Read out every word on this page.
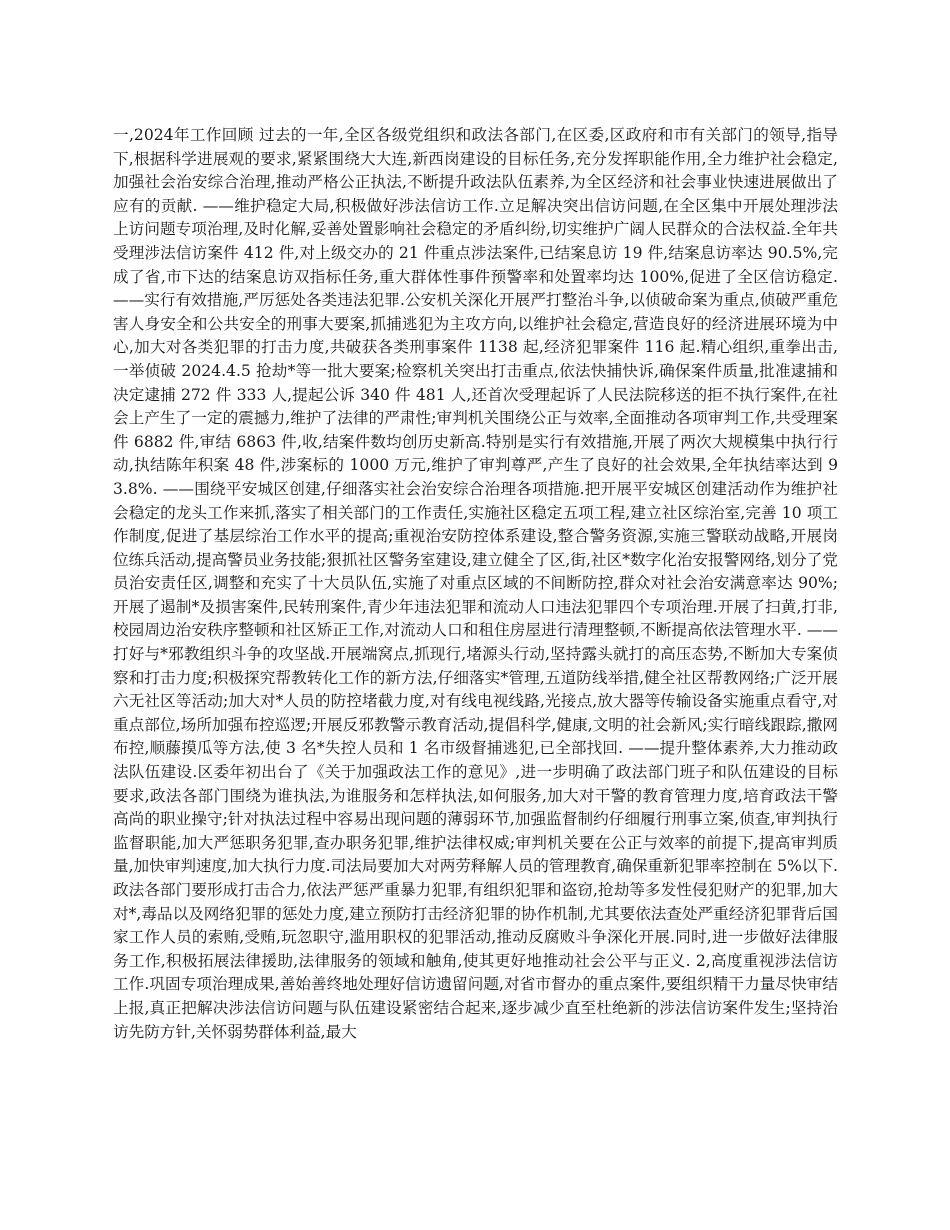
一,2024年工作回顾 过去的一年,全区各级党组织和政法各部门,在区委,区政府和市有关部门的领导,指导下,根据科学进展观的要求,紧紧围绕大大连,新西岗建设的目标任务,充分发挥职能作用,全力维护社会稳定,加强社会治安综合治理,推动严格公正执法,不断提升政法队伍素养,为全区经济和社会事业快速进展做出了应有的贡献. ——维护稳定大局,积极做好涉法信访工作.立足解决突出信访问题,在全区集中开展处理涉法上访问题专项治理,及时化解,妥善处置影响社会稳定的矛盾纠纷,切实维护广阔人民群众的合法权益.全年共受理涉法信访案件 412 件,对上级交办的 21 件重点涉法案件,已结案息访 19 件,结案息访率达 90.5%,完成了省,市下达的结案息访双指标任务,重大群体性事件预警率和处置率均达 100%,促进了全区信访稳定. ——实行有效措施,严厉惩处各类违法犯罪.公安机关深化开展严打整治斗争,以侦破命案为重点,侦破严重危害人身安全和公共安全的刑事大要案,抓捕逃犯为主攻方向,以维护社会稳定,营造良好的经济进展环境为中心,加大对各类犯罪的打击力度,共破获各类刑事案件 1138 起,经济犯罪案件 116 起.精心组织,重拳出击,一举侦破 2024.4.5 抢劫*等一批大要案;检察机关突出打击重点,依法快捕快诉,确保案件质量,批准逮捕和决定逮捕 272 件 333 人,提起公诉 340 件 481 人,还首次受理起诉了人民法院移送的拒不执行案件,在社会上产生了一定的震撼力,维护了法律的严肃性;审判机关围绕公正与效率,全面推动各项审判工作,共受理案件 6882 件,审结 6863 件,收,结案件数均创历史新高.特别是实行有效措施,开展了两次大规模集中执行行动,执结陈年积案 48 件,涉案标的 1000 万元,维护了审判尊严,产生了良好的社会效果,全年执结率达到 93.8%. ——围绕平安城区创建,仔细落实社会治安综合治理各项措施.把开展平安城区创建活动作为维护社会稳定的龙头工作来抓,落实了相关部门的工作责任,实施社区稳定五项工程,建立社区综治室,完善 10 项工作制度,促进了基层综治工作水平的提高;重视治安防控体系建设,整合警务资源,实施三警联动战略,开展岗位练兵活动,提高警员业务技能;狠抓社区警务室建设,建立健全了区,街,社区*数字化治安报警网络,划分了党员治安责任区,调整和充实了十大员队伍,实施了对重点区域的不间断防控,群众对社会治安满意率达 90%;开展了遏制*及损害案件,民转刑案件,青少年违法犯罪和流动人口违法犯罪四个专项治理.开展了扫黄,打非,校园周边治安秩序整顿和社区矫正工作,对流动人口和租住房屋进行清理整顿,不断提高依法管理水平. ——打好与*邪教组织斗争的攻坚战.开展端窝点,抓现行,堵源头行动,坚持露头就打的高压态势,不断加大专案侦察和打击力度;积极探究帮教转化工作的新方法,仔细落实*管理,五道防线举措,健全社区帮教网络;广泛开展六无社区等活动;加大对*人员的防控堵截力度,对有线电视线路,光接点,放大器等传输设备实施重点看守,对重点部位,场所加强布控巡逻;开展反邪教警示教育活动,提倡科学,健康,文明的社会新风;实行暗线跟踪,撒网布控,顺藤摸瓜等方法,使 3 名*失控人员和 1 名市级督捕逃犯,已全部找回. ——提升整体素养,大力推动政法队伍建设.区委年初出台了《关于加强政法工作的意见》,进一步明确了政法部门班子和队伍建设的目标要求,政法各部门围绕为谁执法,为谁服务和怎样执法,如何服务,加大对干警的教育管理力度,培育政法干警高尚的职业操守;针对执法过程中容易出现问题的薄弱环节,加强监督制约仔细履行刑事立案,侦查,审判执行监督职能,加大严惩职务犯罪,查办职务犯罪,维护法律权威;审判机关要在公正与效率的前提下,提高审判质量,加快审判速度,加大执行力度.司法局要加大对两劳释解人员的管理教育,确保重新犯罪率控制在 5%以下.政法各部门要形成打击合力,依法严惩严重暴力犯罪,有组织犯罪和盗窃,抢劫等多发性侵犯财产的犯罪,加大对*,毒品以及网络犯罪的惩处力度,建立预防打击经济犯罪的协作机制,尤其要依法查处严重经济犯罪背后国家工作人员的索贿,受贿,玩忽职守,滥用职权的犯罪活动,推动反腐败斗争深化开展.同时,进一步做好法律服务工作,积极拓展法律援助,法律服务的领域和触角,使其更好地推动社会公平与正义. 2,高度重视涉法信访工作.巩固专项治理成果,善始善终地处理好信访遗留问题,对省市督办的重点案件,要组织精干力量尽快审结上报,真正把解决涉法信访问题与队伍建设紧密结合起来,逐步减少直至杜绝新的涉法信访案件发生;坚持治访先防方针,关怀弱势群体利益,最大
